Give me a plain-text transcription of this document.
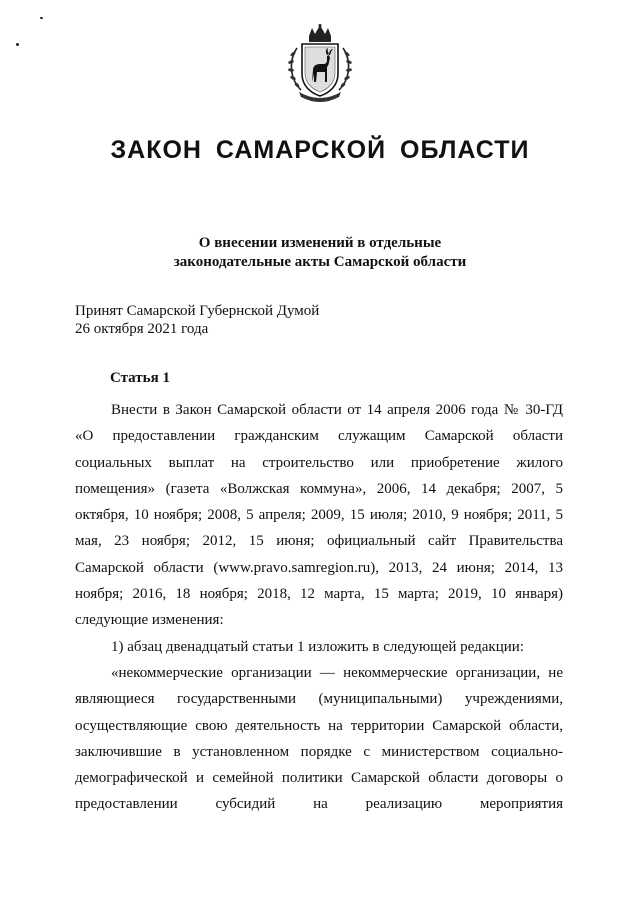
ЗАКОН САМАРСКОЙ ОБЛАСТИ
О внесении изменений в отдельные
законодательные акты Самарской области
Принят Самарской Губернской Думой
26 октября 2021 года
Статья 1

Внести в Закон Самарской области от 14 апреля 2006 года № 30-ГД «О предоставлении гражданским служащим Самарской области социальных выплат на строительство или приобретение жилого помещения» (газета «Волжская коммуна», 2006, 14 декабря; 2007, 5 октября, 10 ноября; 2008, 5 апреля; 2009, 15 июля; 2010, 9 ноября; 2011, 5 мая, 23 ноября; 2012, 15 июня; официальный сайт Правительства Самарской области (www.pravo.samregion.ru), 2013, 24 июня; 2014, 13 ноября; 2016, 18 ноября; 2018, 12 марта, 15 марта; 2019, 10 января) следующие изменения:

1) абзац двенадцатый статьи 1 изложить в следующей редакции:

«некоммерческие организации — некоммерческие организации, не являющиеся государственными (муниципальными) учреждениями, осуществляющие свою деятельность на территории Самарской области, заключившие в установленном порядке с министерством социально-демографической и семейной политики Самарской области договоры о предоставлении субсидий на реализацию мероприятия
